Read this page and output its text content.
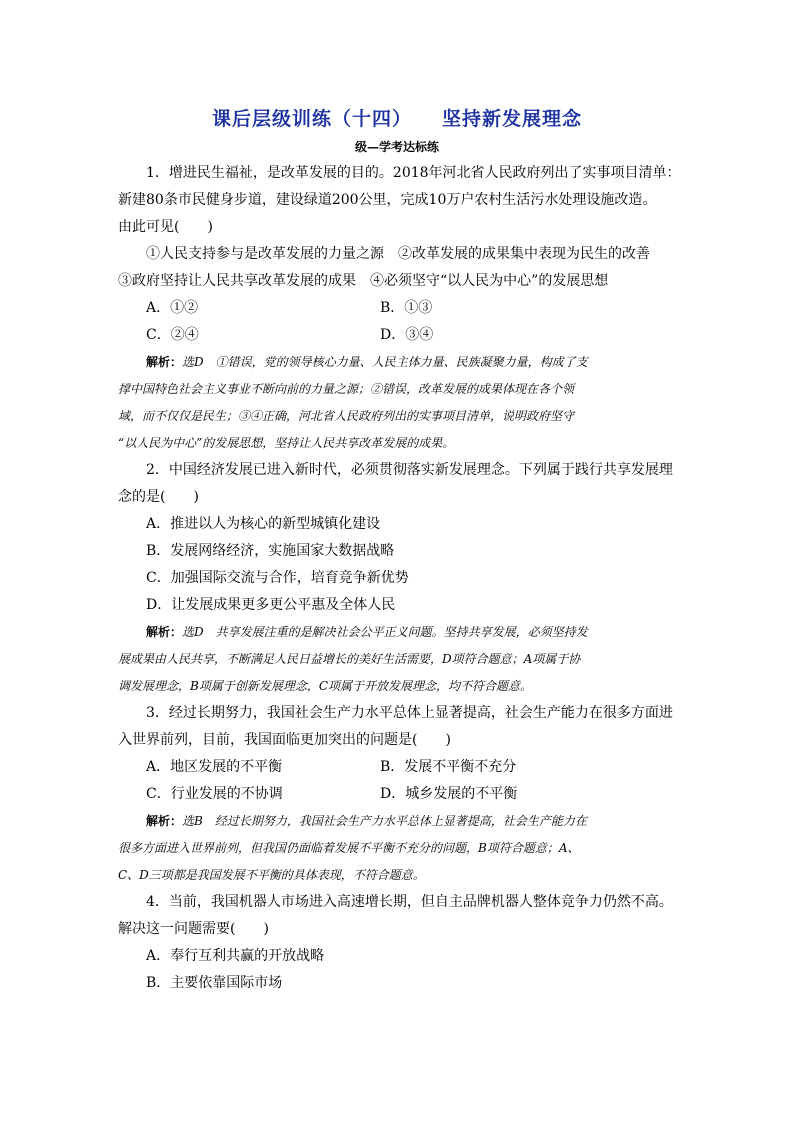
课后层级训练（十四） 坚持新发展理念
级—学考达标练
1．增进民生福祉，是改革发展的目的。2018年河北省人民政府列出了实事项目清单：
新建80条市民健身步道，建设绿道200公里，完成10万户农村生活污水处理设施改造。
由此可见(　　)
①人民支持参与是改革发展的力量之源　②改革发展的成果集中表现为民生的改善
③政府坚持让人民共享改革发展的成果　④必须坚守“以人民为中心”的发展思想
A．①②	B．①③
C．②④	D．③④
解析：选D　①错误，党的领导核心力量、人民主体力量、民族凝聚力量，构成了支
撑中国特色社会主义事业不断向前的力量之源；②错误，改革发展的成果体现在各个领
域，而不仅仅是民生；③④正确，河北省人民政府列出的实事项目清单，说明政府坚守
“以人民为中心”的发展思想，坚持让人民共享改革发展的成果。
2．中国经济发展已进入新时代，必须贯彻落实新发展理念。下列属于践行共享发展理
念的是(　　)
A．推进以人为核心的新型城镇化建设
B．发展网络经济，实施国家大数据战略
C．加强国际交流与合作，培育竞争新优势
D．让发展成果更多更公平惠及全体人民
解析：选D　共享发展注重的是解决社会公平正义问题。坚持共享发展，必须坚持发
展成果由人民共享，不断满足人民日益增长的美好生活需要，D项符合题意；A项属于协
调发展理念，B项属于创新发展理念，C项属于开放发展理念，均不符合题意。
3．经过长期努力，我国社会生产力水平总体上显著提高，社会生产能力在很多方面进
入世界前列，目前，我国面临更加突出的问题是(　　)
A．地区发展的不平衡	B．发展不平衡不充分
C．行业发展的不协调	D．城乡发展的不平衡
解析：选B　经过长期努力，我国社会生产力水平总体上显著提高，社会生产能力在
很多方面进入世界前列，但我国仍面临着发展不平衡不充分的问题，B项符合题意；A、
C、D三项都是我国发展不平衡的具体表现，不符合题意。
4．当前，我国机器人市场进入高速增长期，但自主品牌机器人整体竞争力仍然不高。
解决这一问题需要(　　)
A．奉行互利共赢的开放战略
B．主要依靠国际市场
